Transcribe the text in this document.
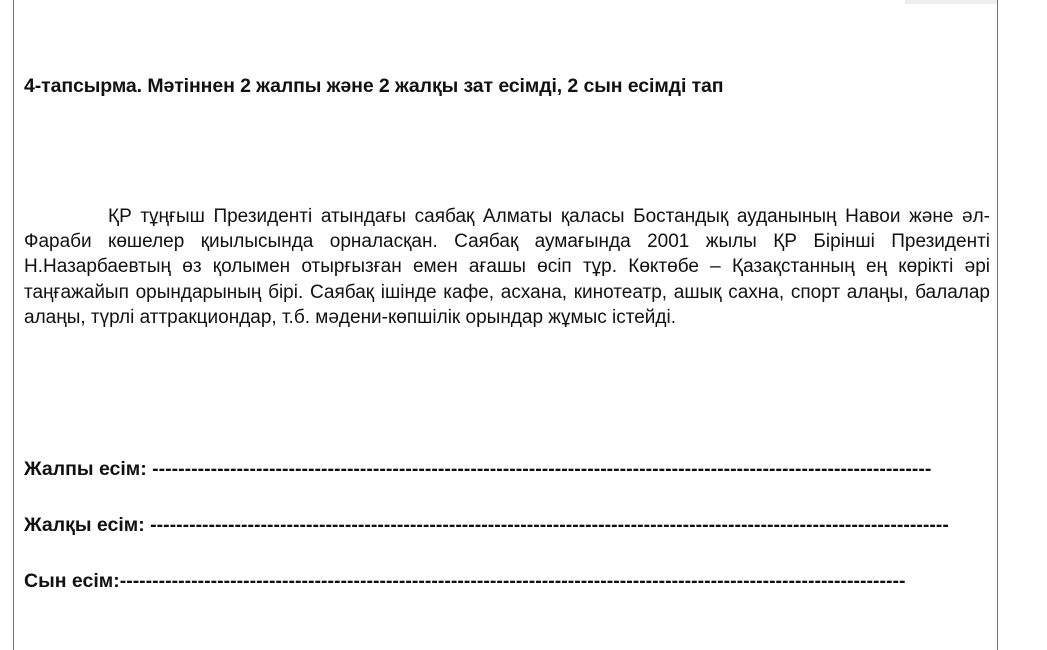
4-тапсырма. Мәтіннен 2 жалпы және 2 жалқы зат есімді, 2 сын есімді тап

ҚР тұңғыш Президенті атындағы саябақ Алматы қаласы Бостандық ауданының Навои және әл-Фараби көшелер қиылысында орналасқан. Саябақ аумағында 2001 жылы ҚР Бірінші Президенті Н.Назарбаевтың өз қолымен отырғызған емен ағашы өсіп тұр. Көктөбе – Қазақстанның ең көрікті әрі таңғажайып орындарының бірі. Саябақ ішінде кафе, асхана, кинотеатр, ашық сахна, спорт алаңы, балалар алаңы, түрлі аттракциондар, т.б. мәдени-көпшілік орындар жұмыс істейді.

Жалпы есім: ------------------------------------------------------------------------------------------------------------------------
Жалқы есім: ---------------------------------------------------------------------------------------------------------------------------
Сын есім:-------------------------------------------------------------------------------------------------------------------------
